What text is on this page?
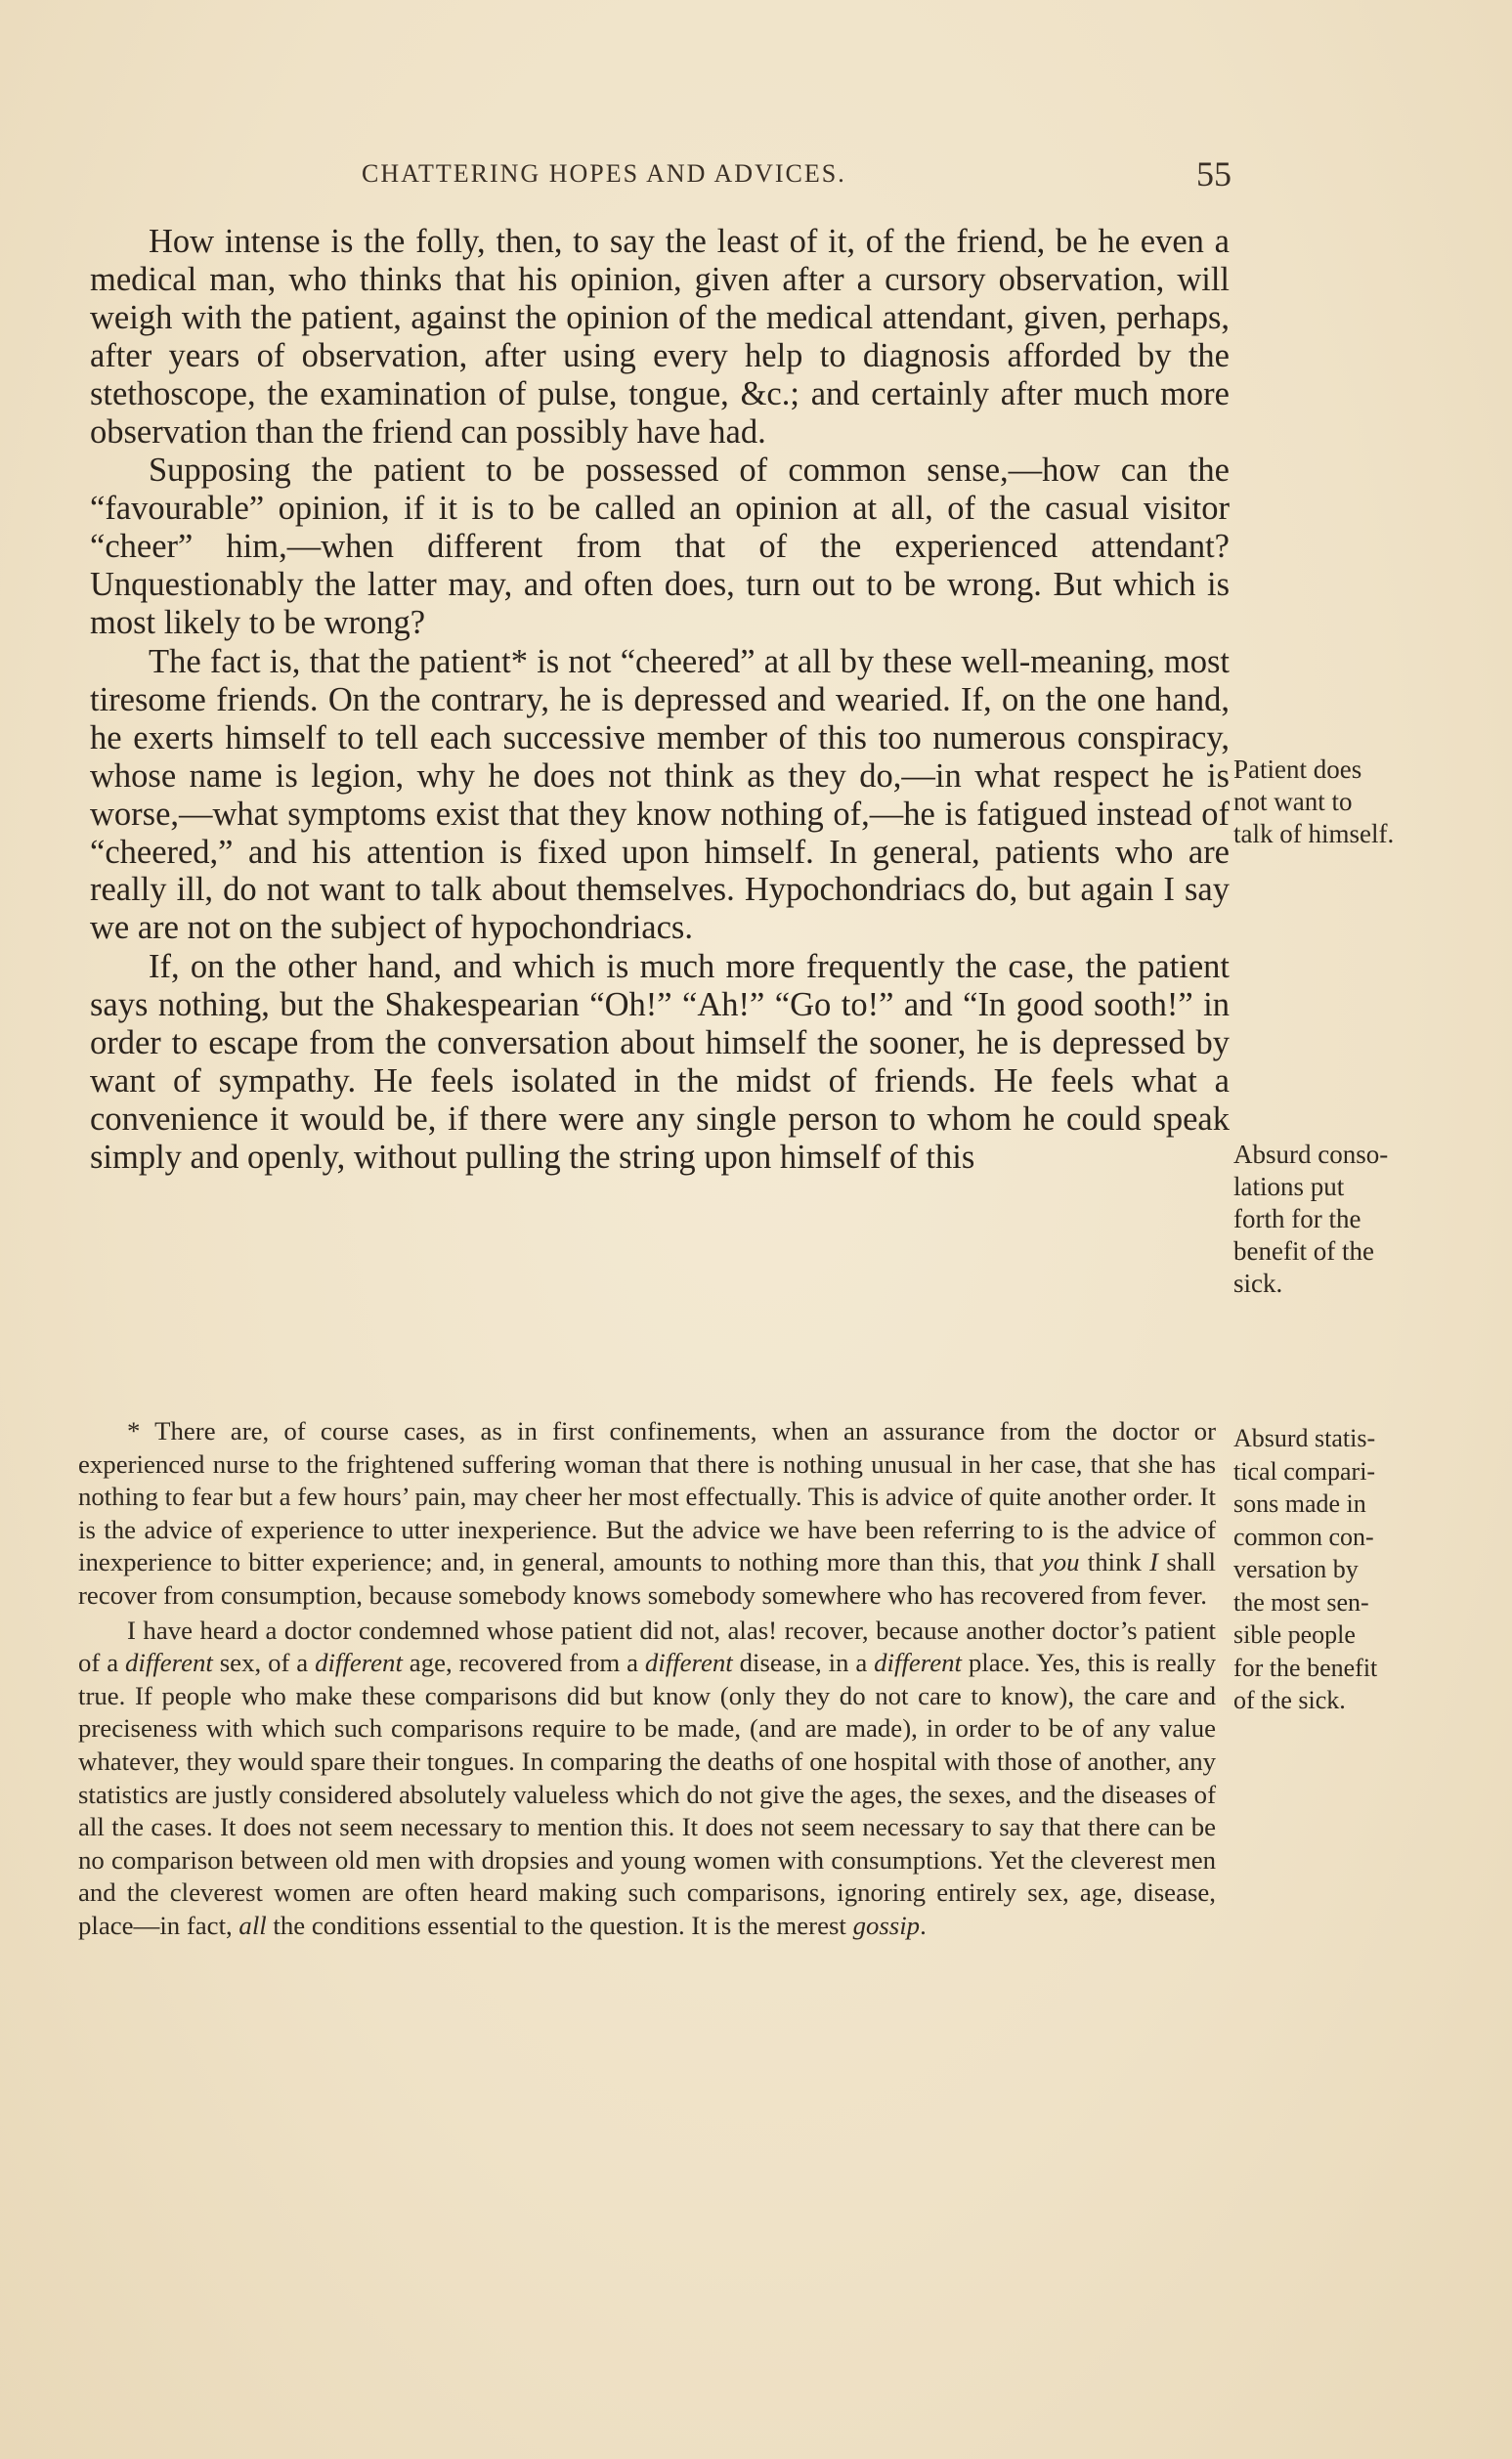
CHATTERING HOPES AND ADVICES.	55

How intense is the folly, then, to say the least of it, of the friend, be he even a medical man, who thinks that his opinion, given after a cursory observation, will weigh with the patient, against the opinion of the medical attendant, given, perhaps, after years of observation, after using every help to diagnosis afforded by the stethoscope, the examination of pulse, tongue, &c.; and certainly after much more observation than the friend can possibly have had.

Supposing the patient to be possessed of common sense,—how can the “favourable” opinion, if it is to be called an opinion at all, of the casual visitor “cheer” him,—when different from that of the experienced attendant? Unquestionably the latter may, and often does, turn out to be wrong. But which is most likely to be wrong?

The fact is, that the patient* is not “cheered” at all by these well-meaning, most tiresome friends. On the contrary, he is depressed and wearied. If, on the one hand, he exerts himself to tell each successive member of this too numerous conspiracy, whose name is legion, why he does not think as they do,—in what respect he is worse,—what symptoms exist that they know nothing of,—he is fatigued instead of “cheered,” and his attention is fixed upon himself. In general, patients who are really ill, do not want to talk about themselves. Hypochondriacs do, but again I say we are not on the subject of hypochondriacs.

If, on the other hand, and which is much more frequently the case, the patient says nothing, but the Shakespearian “Oh!” “Ah!” “Go to!” and “In good sooth!” in order to escape from the conversation about himself the sooner, he is depressed by want of sympathy. He feels isolated in the midst of friends. He feels what a convenience it would be, if there were any single person to whom he could speak simply and openly, without pulling the string upon himself of this

Patient does
not want to
talk of himself.
Absurd conso-
lations put
forth for the
benefit of the
sick.
Absurd statis-
tical compari-
sons made in
common con-
versation by
the most sen-
sible people
for the benefit
of the sick.

* There are, of course cases, as in first confinements, when an assurance from the doctor or experienced nurse to the frightened suffering woman that there is nothing unusual in her case, that she has nothing to fear but a few hours’ pain, may cheer her most effectually. This is advice of quite another order. It is the advice of experience to utter inexperience. But the advice we have been referring to is the advice of inexperience to bitter experience; and, in general, amounts to nothing more than this, that you think I shall recover from consumption, because somebody knows somebody somewhere who has recovered from fever.

I have heard a doctor condemned whose patient did not, alas! recover, because another doctor’s patient of a different sex, of a different age, recovered from a different disease, in a different place. Yes, this is really true. If people who make these comparisons did but know (only they do not care to know), the care and preciseness with which such comparisons require to be made, (and are made), in order to be of any value whatever, they would spare their tongues. In comparing the deaths of one hospital with those of another, any statistics are justly considered absolutely valueless which do not give the ages, the sexes, and the diseases of all the cases. It does not seem necessary to mention this. It does not seem necessary to say that there can be no comparison between old men with dropsies and young women with consumptions. Yet the cleverest men and the cleverest women are often heard making such comparisons, ignoring entirely sex, age, disease, place—in fact, all the conditions essential to the question. It is the merest gossip.
